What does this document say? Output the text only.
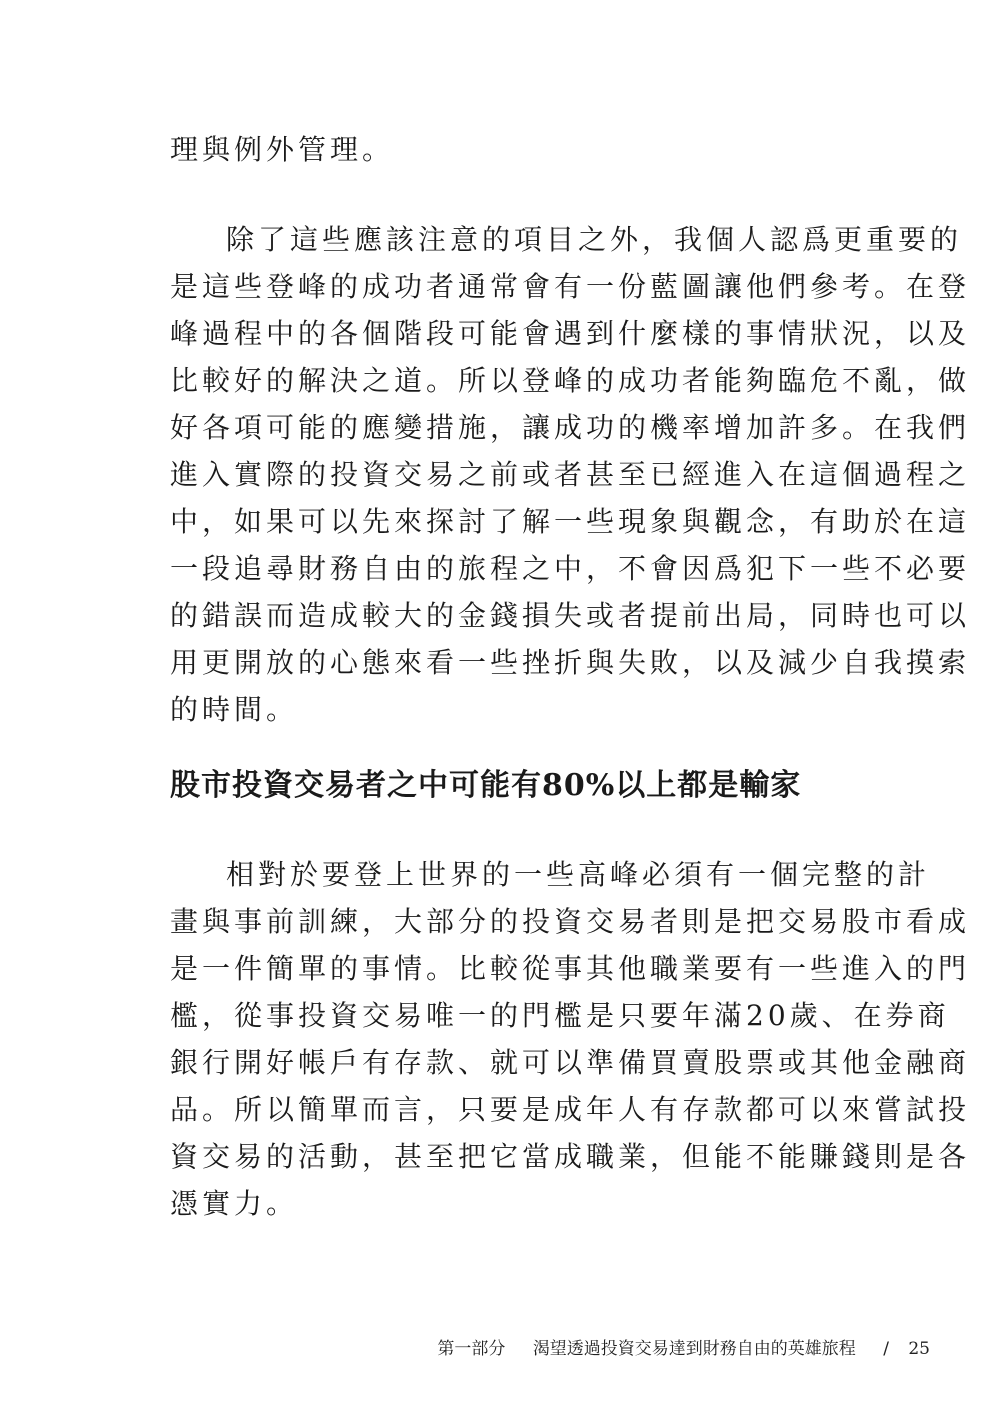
理與例外管理。
除了這些應該注意的項目之外，我個人認爲更重要的
是這些登峰的成功者通常會有一份藍圖讓他們參考。在登
峰過程中的各個階段可能會遇到什麼樣的事情狀況，以及
比較好的解決之道。所以登峰的成功者能夠臨危不亂，做
好各項可能的應變措施，讓成功的機率增加許多。在我們
進入實際的投資交易之前或者甚至已經進入在這個過程之
中，如果可以先來探討了解一些現象與觀念，有助於在這
一段追尋財務自由的旅程之中，不會因爲犯下一些不必要
的錯誤而造成較大的金錢損失或者提前出局，同時也可以
用更開放的心態來看一些挫折與失敗，以及減少自我摸索
的時間。
股市投資交易者之中可能有80%以上都是輸家
相對於要登上世界的一些高峰必須有一個完整的計
畫與事前訓練，大部分的投資交易者則是把交易股市看成
是一件簡單的事情。比較從事其他職業要有一些進入的門
檻，從事投資交易唯一的門檻是只要年滿20歲、在券商
銀行開好帳戶有存款、就可以準備買賣股票或其他金融商
品。所以簡單而言，只要是成年人有存款都可以來嘗試投
資交易的活動，甚至把它當成職業，但能不能賺錢則是各
憑實力。
第一部分 渴望透過投資交易達到財務自由的英雄旅程 / 25
